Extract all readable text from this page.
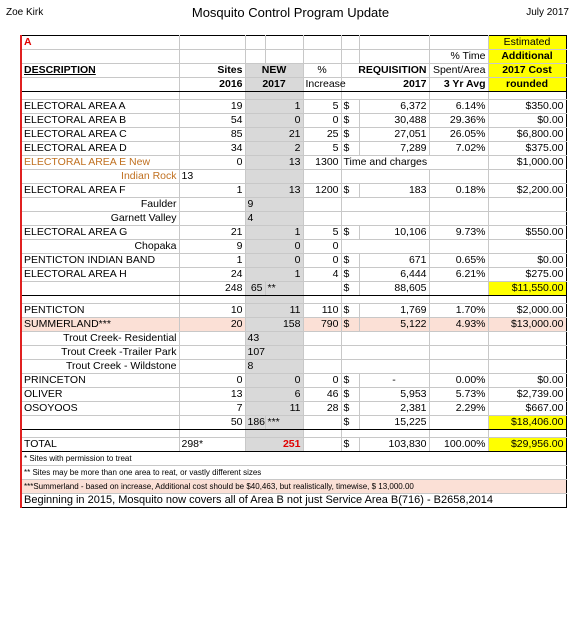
Zoe Kirk	Mosquito Control Program Update	July 2017
A								Estimated
							% Time	Additional
DESCRIPTION	Sites	NEW		%	REQUISITION		Spent/Area	2017 Cost
	2016	2017		Increase	2017		3 Yr Avg	rounded

ELECTORAL AREA A	19	1		5	$	6,372	6.14%	$350.00
ELECTORAL AREA B	54	0		0	$	30,488	29.36%	$0.00
ELECTORAL AREA C	85	21		25	$	27,051	26.05%	$6,800.00
ELECTORAL AREA D	34	2		5	$	7,289	7.02%	$375.00
ELECTORAL AREA E New	0	13		1300	Time and charges			$1,000.00
Indian Rock	13							
ELECTORAL AREA F	1	13		1200	$	183	0.18%	$2,200.00
Faulder		9						
Garnett Valley		4						
ELECTORAL AREA G	21	1		5	$	10,106	9.73%	$550.00
Chopaka	9	0		0				
PENTICTON INDIAN BAND	1	0		0	$	671	0.65%	$0.00
ELECTORAL AREA H	24	1		4	$	6,444	6.21%	$275.00
	248	65	**		$	88,605		$11,550.00

PENTICTON	10	11		110	$	1,769	1.70%	$2,000.00
SUMMERLAND***	20	158		790	$	5,122	4.93%	$13,000.00
Trout Creek- Residential		43						
Trout Creek -Trailer Park		107						
Trout Creek - Wildstone		8						
PRINCETON	0	0		0	$	-	0.00%	$0.00
OLIVER	13	6		46	$	5,953	5.73%	$2,739.00
OSOYOOS	7	11		28	$	2,381	2.29%	$667.00
	50	186	***		$	15,225		$18,406.00

TOTAL	298*	251			$	103,830	100.00%	$29,956.00
* Sites with permission to treat								
** Sites may be more than one area to reat, or vastly different sizes								
***Summerland - based on increase, Additional cost should be $40,463, but realistically, timewise, $ 13,000.00								
Beginning in 2015, Mosquito now covers all of Area B not just Service Area B(716) - B2658,2014								
